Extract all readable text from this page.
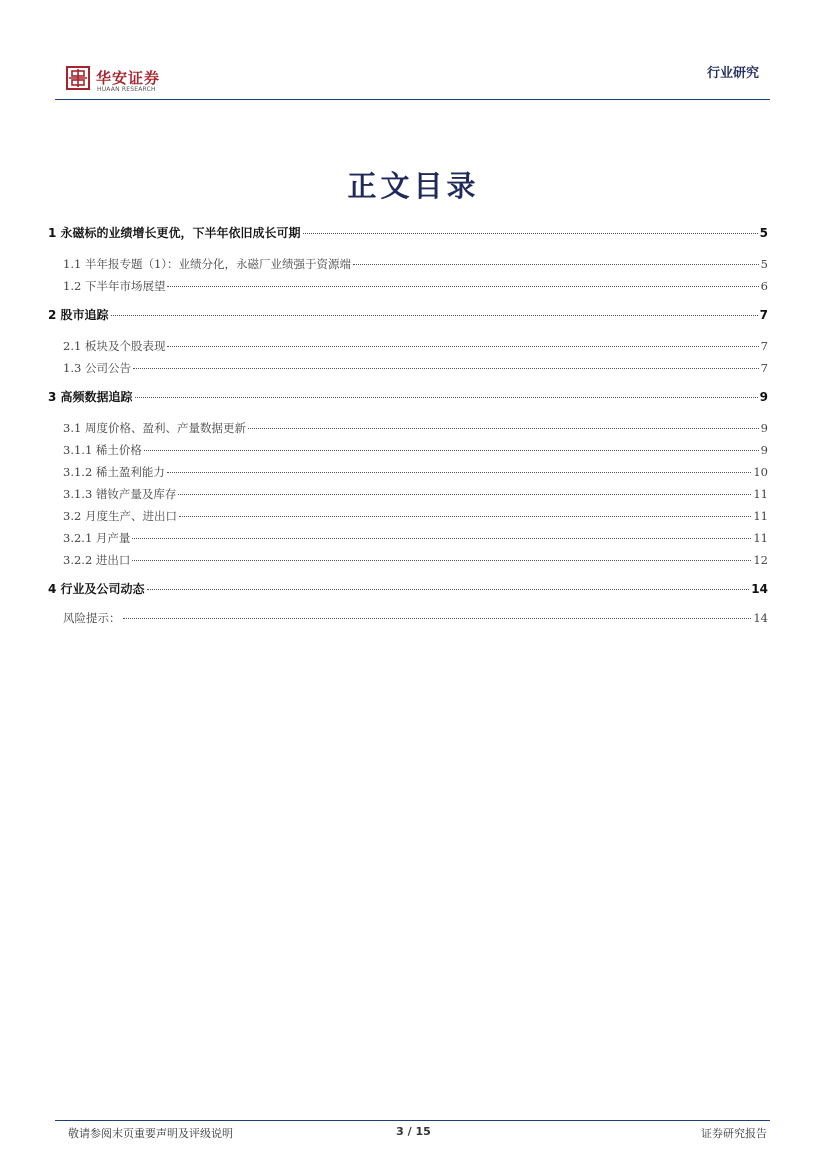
华安证券
HUAAN RESEARCH
行业研究
正文目录
1 永磁标的业绩增长更优，下半年依旧成长可期	5
1.1 半年报专题（1）：业绩分化，永磁厂业绩强于资源端	5
1.2 下半年市场展望	6
2 股市追踪	7
2.1 板块及个股表现	7
1.3 公司公告	7
3 高频数据追踪	9
3.1 周度价格、盈利、产量数据更新	9
3.1.1 稀土价格	9
3.1.2 稀土盈利能力	10
3.1.3 镨钕产量及库存	11
3.2 月度生产、进出口	11
3.2.1 月产量	11
3.2.2 进出口	12
4 行业及公司动态	14
风险提示：	14
敬请参阅末页重要声明及评级说明	3 / 15	证券研究报告
